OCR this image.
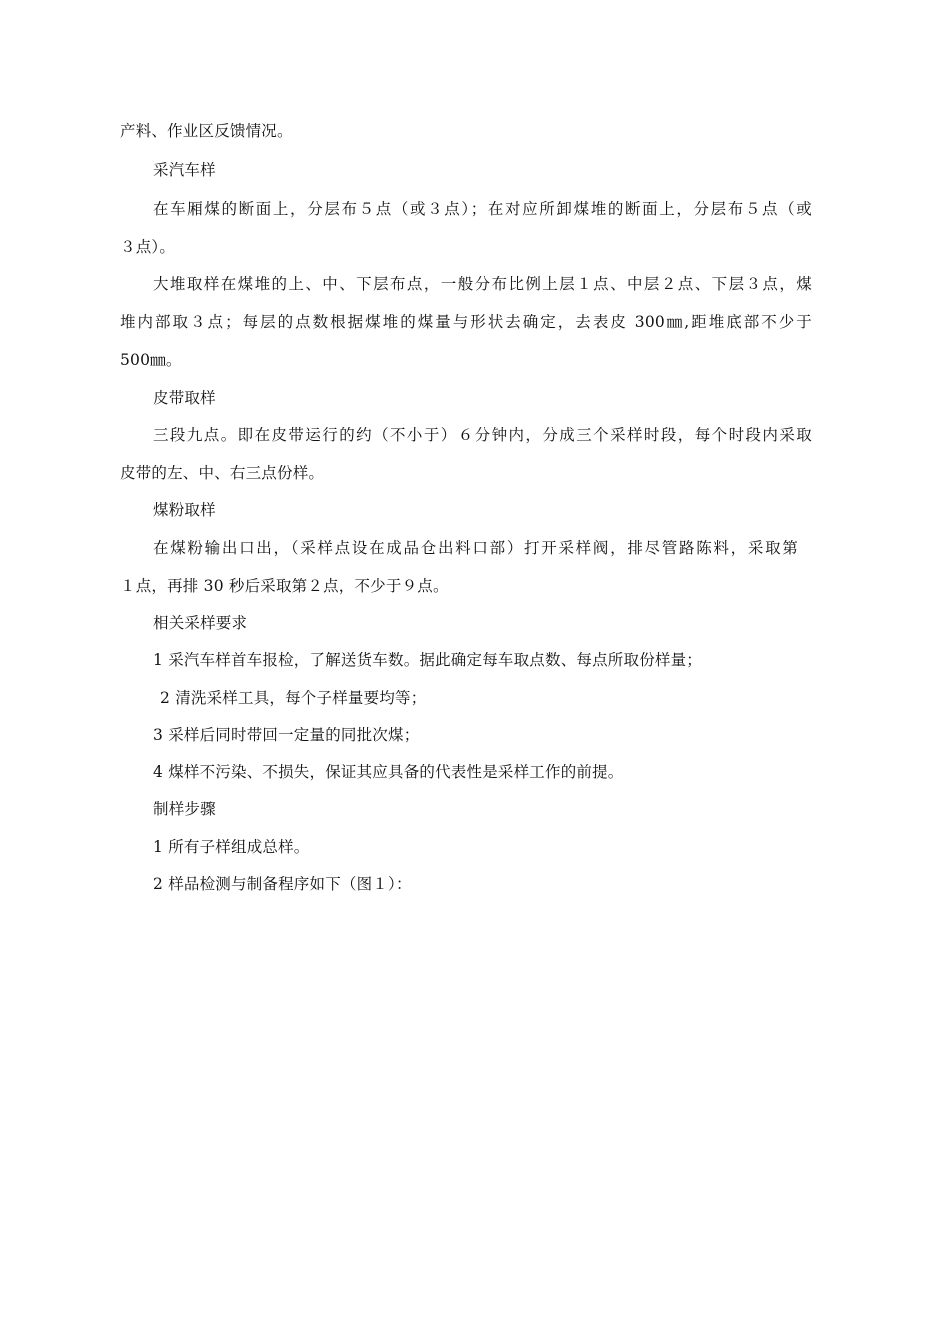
产料、作业区反馈情况。
采汽车样
在车厢煤的断面上，分层布５点（或３点）；在对应所卸煤堆的断面上，分层布５点（或
３点）。
大堆取样在煤堆的上、中、下层布点，一般分布比例上层１点、中层２点、下层３点，煤
堆内部取３点；每层的点数根据煤堆的煤量与形状去确定，去表皮 300㎜,距堆底部不少于
500㎜。
皮带取样
三段九点。即在皮带运行的约（不小于）６分钟内，分成三个采样时段，每个时段内采取
皮带的左、中、右三点份样。
煤粉取样
在煤粉输出口出，（采样点设在成品仓出料口部）打开采样阀，排尽管路陈料，采取第
１点，再排 30 秒后采取第２点，不少于９点。
相关采样要求
1 采汽车样首车报检，了解送货车数。据此确定每车取点数、每点所取份样量；
2 清洗采样工具，每个子样量要均等；
3 采样后同时带回一定量的同批次煤；
4 煤样不污染、不损失，保证其应具备的代表性是采样工作的前提。
制样步骤
1 所有子样组成总样。
2 样品检测与制备程序如下（图１）：
